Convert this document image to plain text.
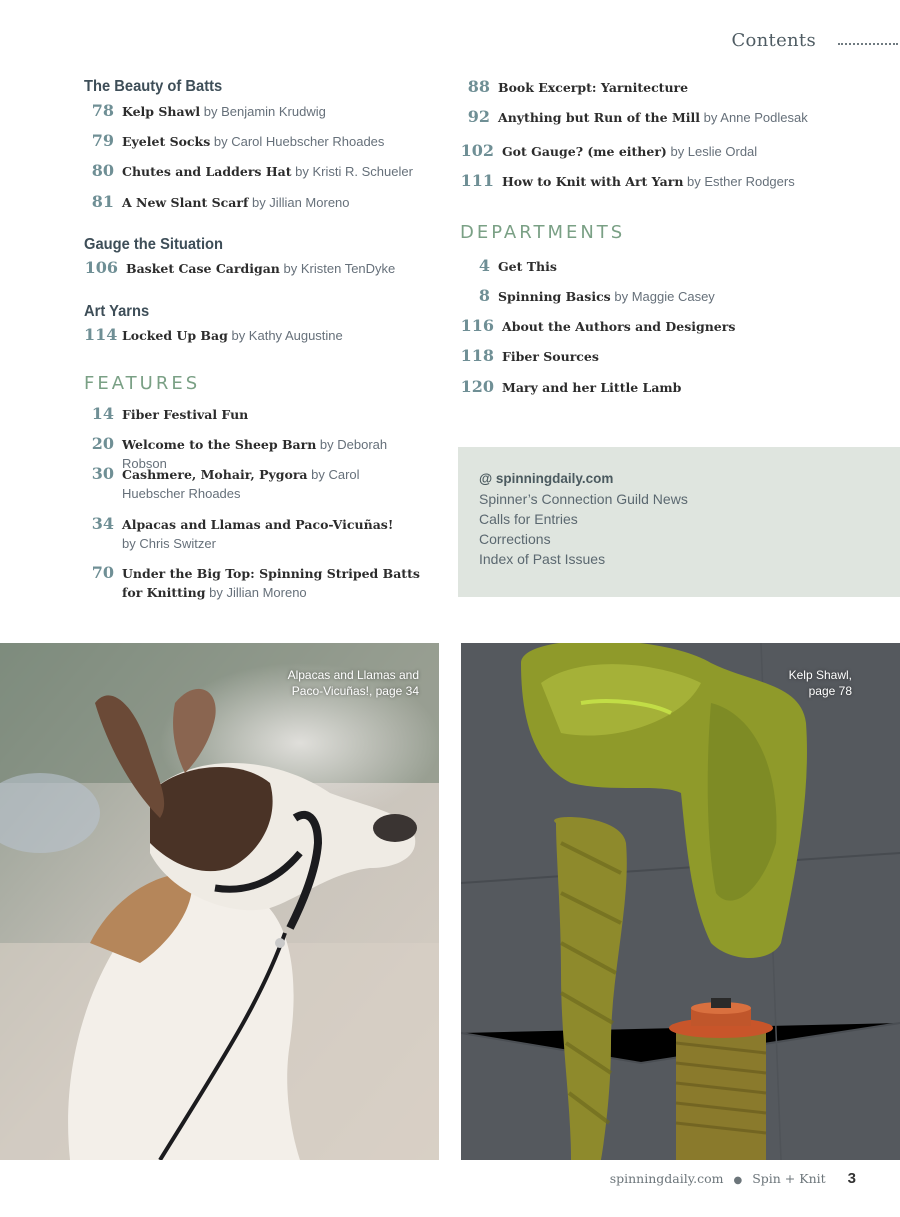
Contents
The Beauty of Batts
78 Kelp Shawl by Benjamin Krudwig
79 Eyelet Socks by Carol Huebscher Rhoades
80 Chutes and Ladders Hat by Kristi R. Schueler
81 A New Slant Scarf by Jillian Moreno
Gauge the Situation
106 Basket Case Cardigan by Kristen TenDyke
Art Yarns
114 Locked Up Bag by Kathy Augustine
FEATURES
14 Fiber Festival Fun
20 Welcome to the Sheep Barn by Deborah Robson
30 Cashmere, Mohair, Pygora by Carol Huebscher Rhoades
34 Alpacas and Llamas and Paco-Vicuñas!
by Chris Switzer
70 Under the Big Top: Spinning Striped Batts for Knitting by Jillian Moreno
88 Book Excerpt: Yarnitecture
92 Anything but Run of the Mill by Anne Podlesak
102 Got Gauge? (me either) by Leslie Ordal
111 How to Knit with Art Yarn by Esther Rodgers
DEPARTMENTS
4 Get This
8 Spinning Basics by Maggie Casey
116 About the Authors and Designers
118 Fiber Sources
120 Mary and her Little Lamb
@ spinningdaily.com
Spinner’s Connection Guild News
Calls for Entries
Corrections
Index of Past Issues
Alpacas and Llamas and
Paco-Vicuñas!, page 34
Kelp Shawl,
page 78
spinningdaily.com ● Spin + Knit 3
